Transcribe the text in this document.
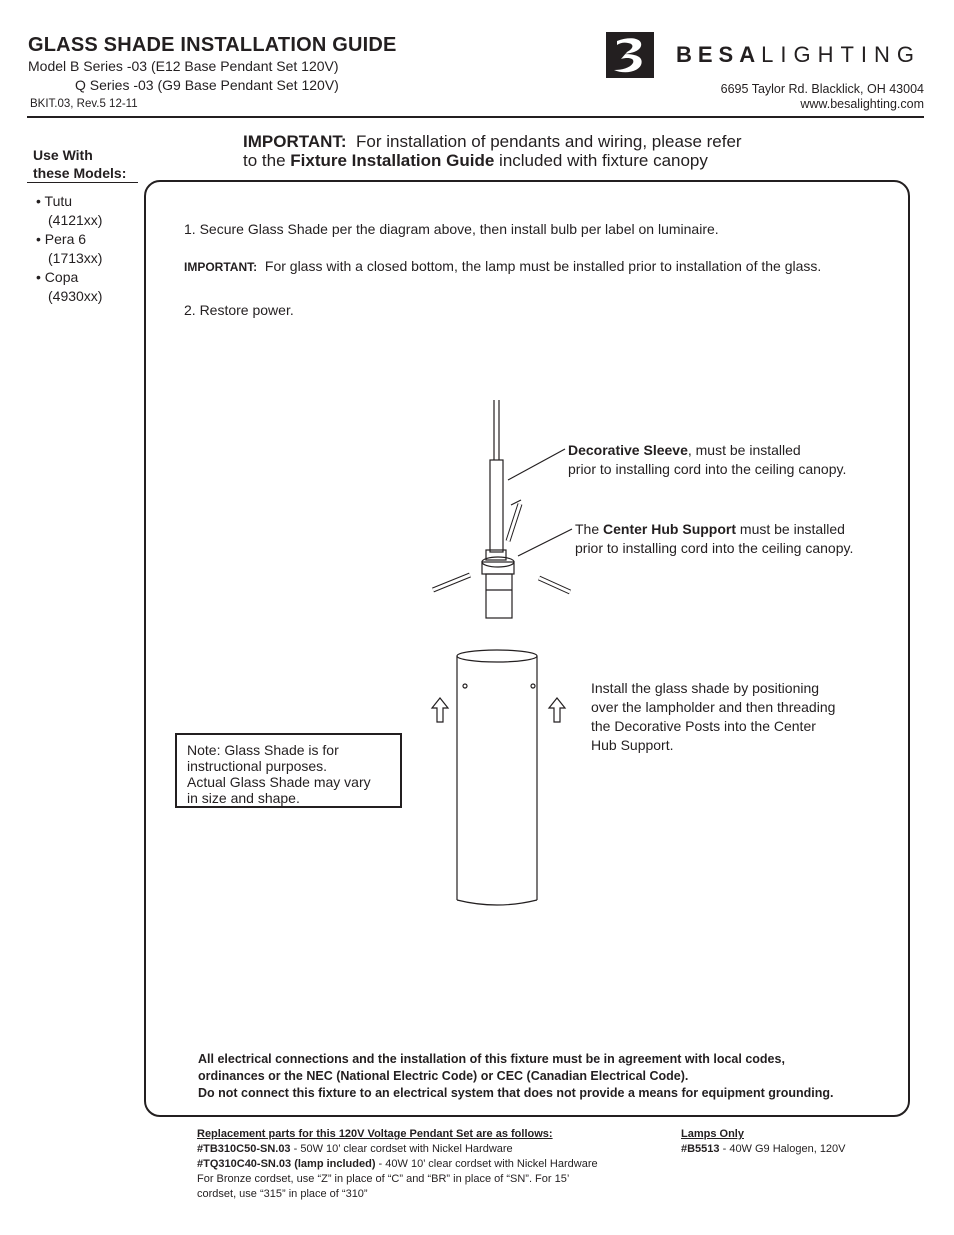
GLASS SHADE INSTALLATION GUIDE
Model B Series -03 (E12 Base Pendant Set 120V)
Q Series -03 (G9 Base Pendant Set 120V)
BKIT.03, Rev.5 12-11
BESALIGHTING
6695 Taylor Rd. Blacklick, OH 43004
www.besalighting.com
Use With
these Models:
• Tutu
(4121xx)
• Pera 6
(1713xx)
• Copa
(4930xx)
IMPORTANT: For installation of pendants and wiring, please refer
to the Fixture Installation Guide included with fixture canopy
1. Secure Glass Shade per the diagram above, then install bulb per label on luminaire.
IMPORTANT: For glass with a closed bottom, the lamp must be installed prior to installation of the glass.
2. Restore power.
Decorative Sleeve, must be installed
prior to installing cord into the ceiling canopy.
The Center Hub Support must be installed
prior to installing cord into the ceiling canopy.
Install the glass shade by positioning
over the lampholder and then threading
the Decorative Posts into the Center
Hub Support.
Note: Glass Shade is for
instructional purposes.
Actual Glass Shade may vary
in size and shape.
All electrical connections and the installation of this fixture must be in agreement with local codes,
ordinances or the NEC (National Electric Code) or CEC (Canadian Electrical Code).
Do not connect this fixture to an electrical system that does not provide a means for equipment grounding.
Replacement parts for this 120V Voltage Pendant Set are as follows:
#TB310C50-SN.03 - 50W 10’ clear cordset with Nickel Hardware
#TQ310C40-SN.03 (lamp included) - 40W 10’ clear cordset with Nickel Hardware
For Bronze cordset, use “Z” in place of “C” and “BR” in place of “SN”. For 15’
cordset, use “315” in place of “310”
Lamps Only
#B5513 - 40W G9 Halogen, 120V
